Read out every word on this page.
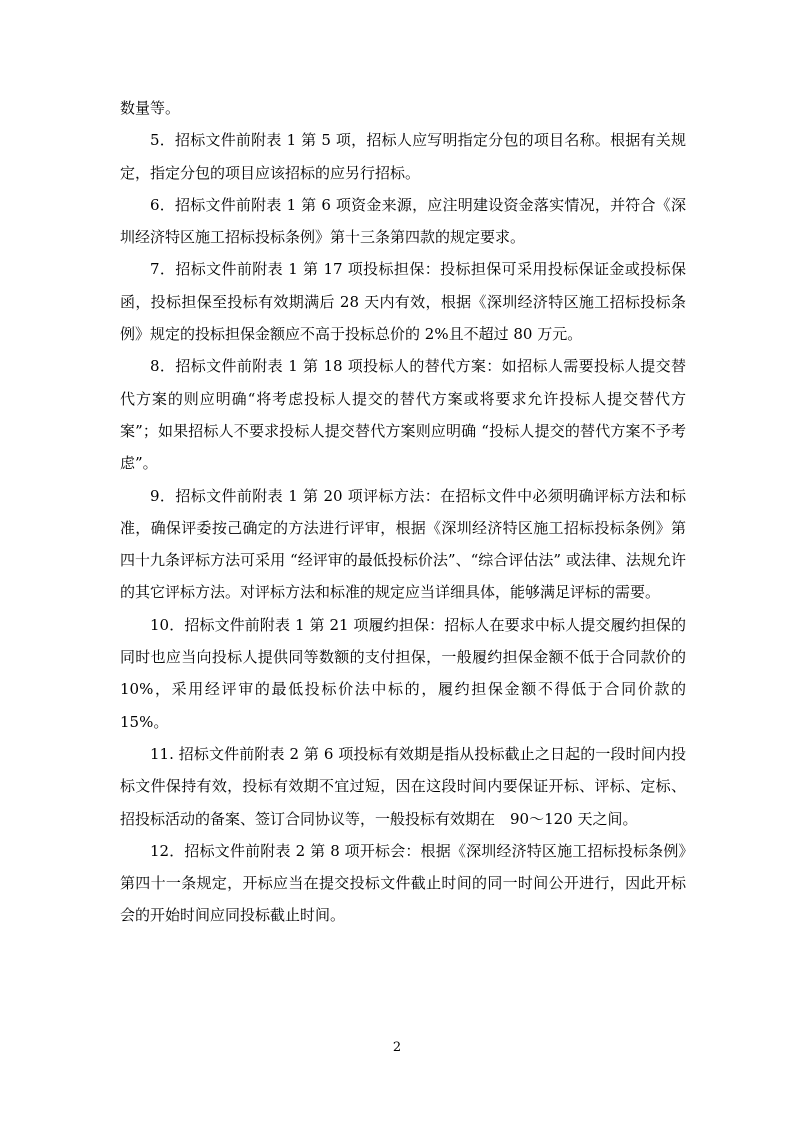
数量等。

5．招标文件前附表 1 第 5 项，招标人应写明指定分包的项目名称。根据有关规定，指定分包的项目应该招标的应另行招标。

6．招标文件前附表 1 第 6 项资金来源，应注明建设资金落实情况，并符合《深圳经济特区施工招标投标条例》第十三条第四款的规定要求。

7．招标文件前附表 1 第 17 项投标担保：投标担保可采用投标保证金或投标保函，投标担保至投标有效期满后 28 天内有效，根据《深圳经济特区施工招标投标条例》规定的投标担保金额应不高于投标总价的 2%且不超过 80 万元。

8．招标文件前附表 1 第 18 项投标人的替代方案：如招标人需要投标人提交替代方案的则应明确“将考虑投标人提交的替代方案或将要求允许投标人提交替代方案”；如果招标人不要求投标人提交替代方案则应明确 “投标人提交的替代方案不予考虑”。

9．招标文件前附表 1 第 20 项评标方法：在招标文件中必须明确评标方法和标准，确保评委按己确定的方法进行评审，根据《深圳经济特区施工招标投标条例》第四十九条评标方法可采用 “经评审的最低投标价法”、“综合评估法” 或法律、法规允许的其它评标方法。对评标方法和标准的规定应当详细具体，能够满足评标的需要。

10．招标文件前附表 1 第 21 项履约担保：招标人在要求中标人提交履约担保的同时也应当向投标人提供同等数额的支付担保，一般履约担保金额不低于合同款价的 10%，采用经评审的最低投标价法中标的，履约担保金额不得低于合同价款的 15%。

11. 招标文件前附表 2 第 6 项投标有效期是指从投标截止之日起的一段时间内投标文件保持有效，投标有效期不宜过短，因在这段时间内要保证开标、评标、定标、招投标活动的备案、签订合同协议等，一般投标有效期在　90～120 天之间。

12．招标文件前附表 2 第 8 项开标会：根据《深圳经济特区施工招标投标条例》第四十一条规定，开标应当在提交投标文件截止时间的同一时间公开进行，因此开标会的开始时间应同投标截止时间。

2
